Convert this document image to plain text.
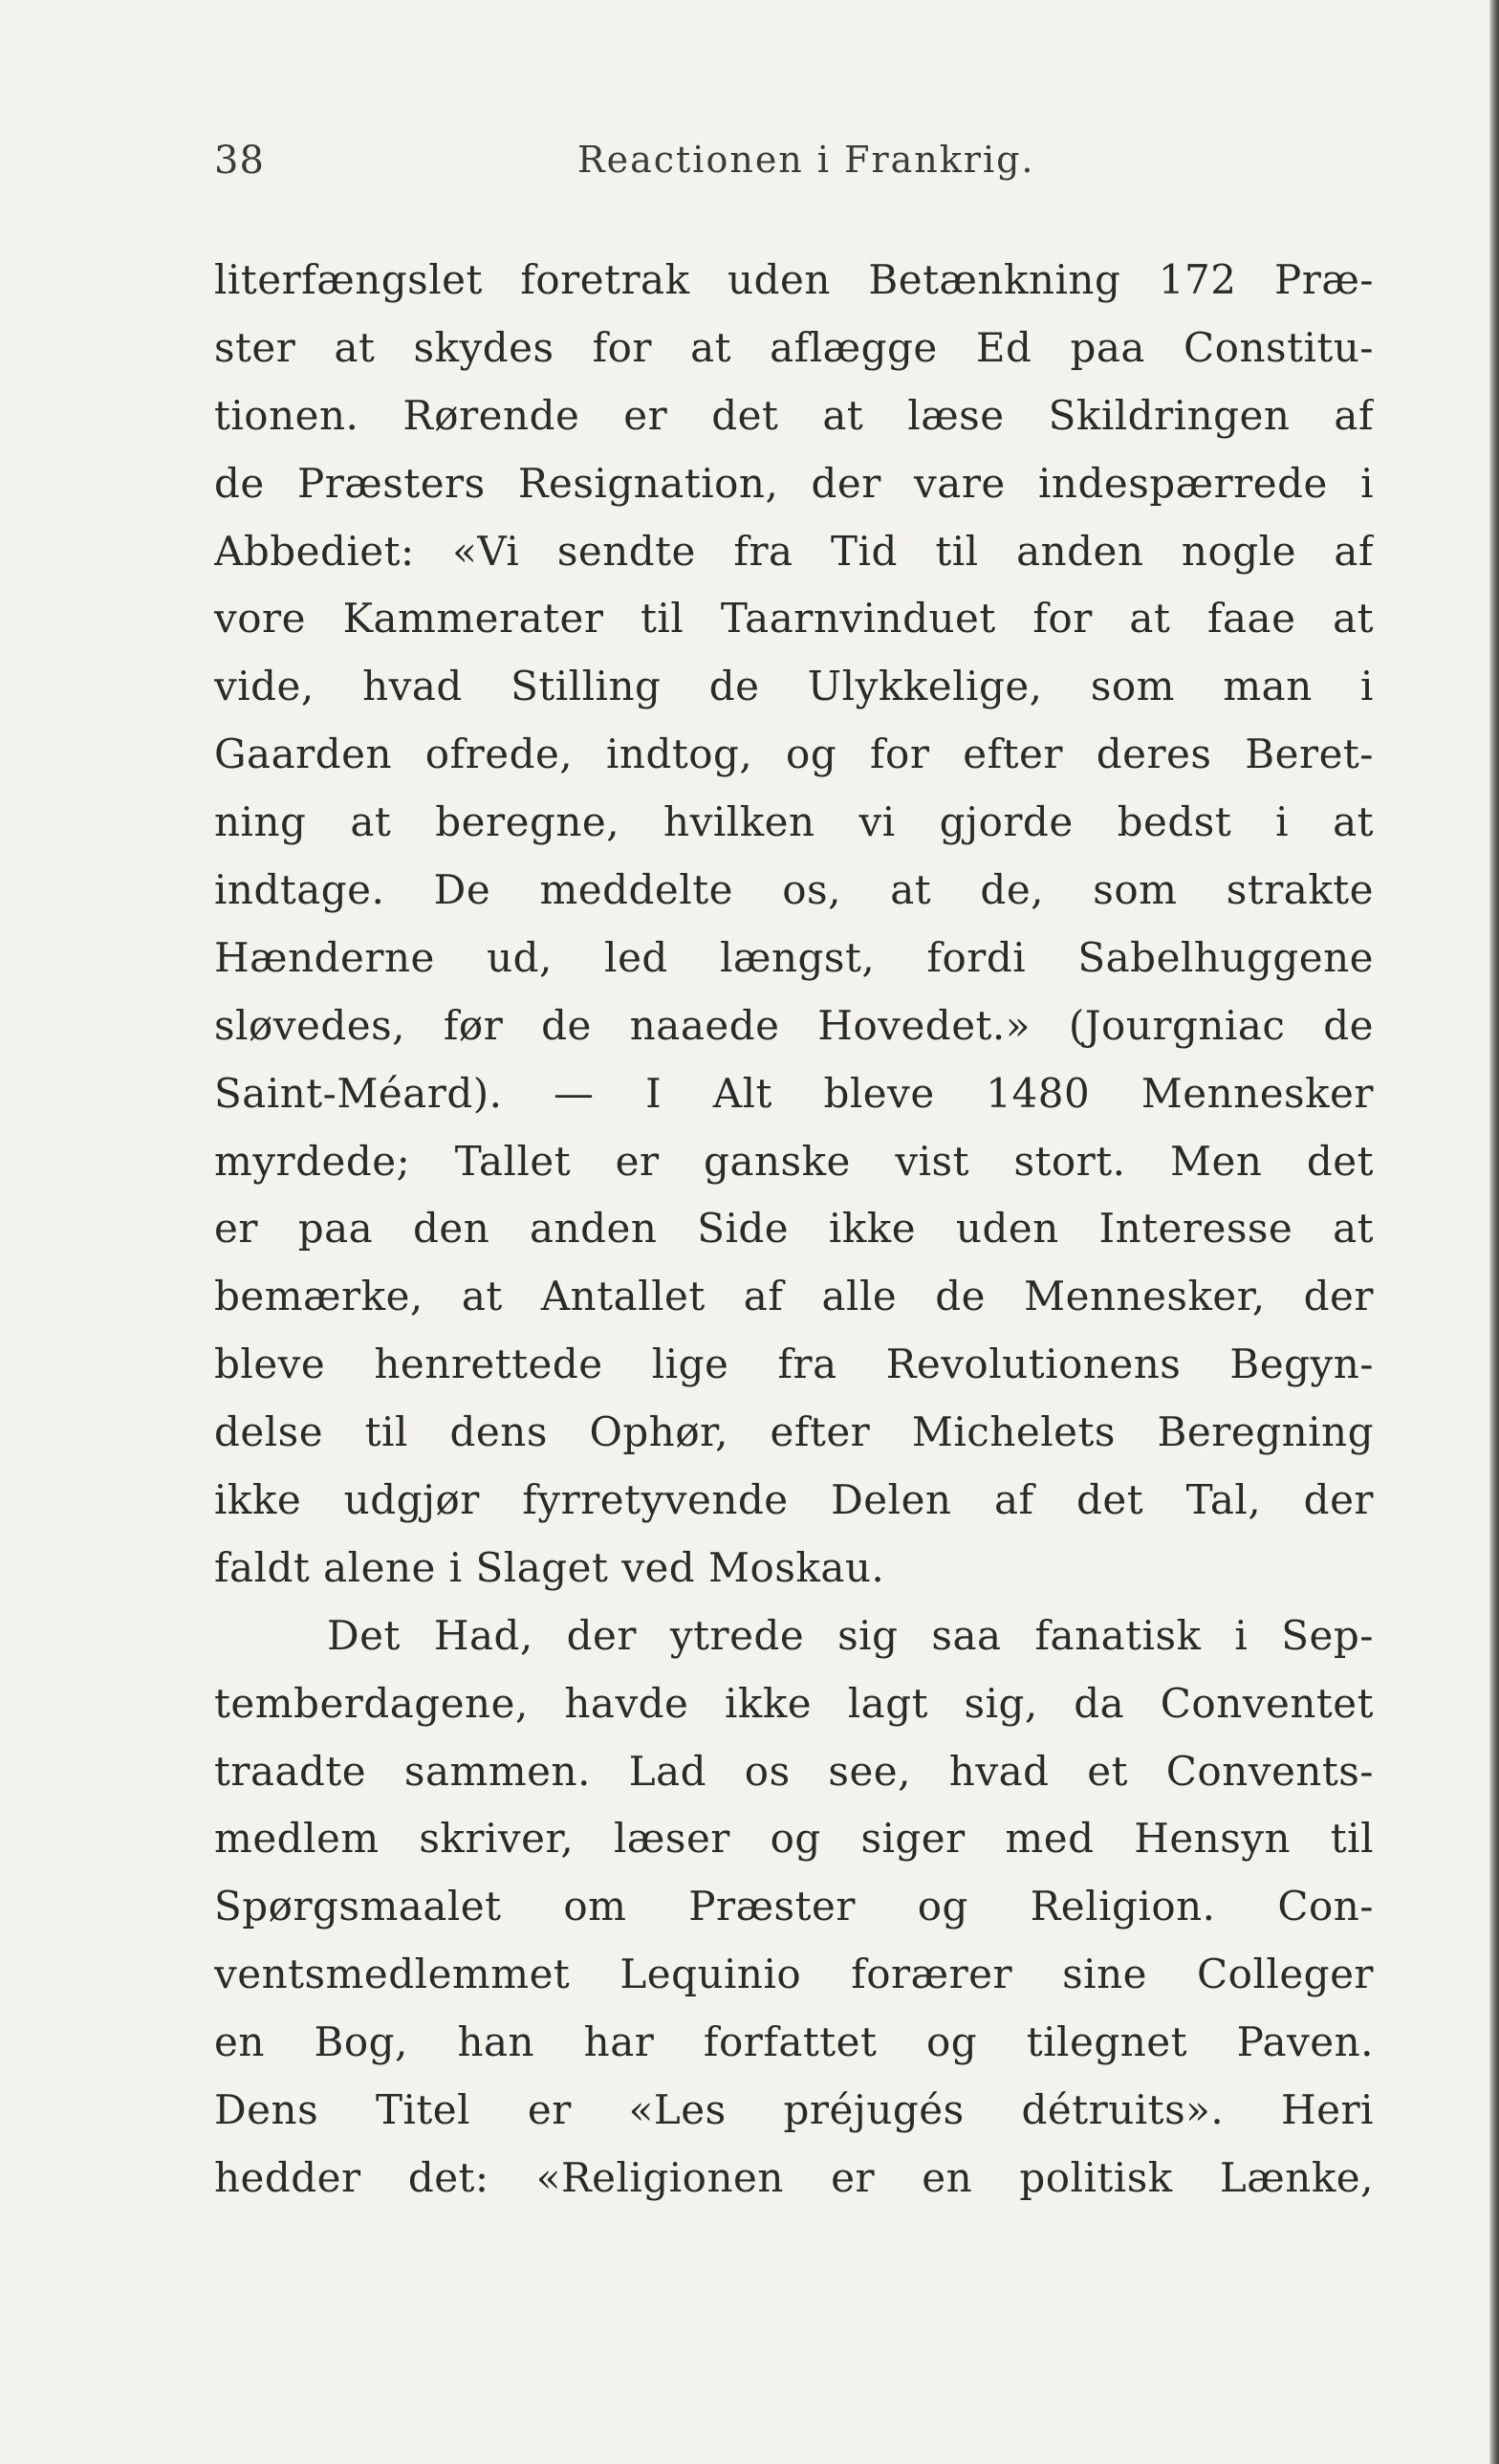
38	Reactionen i Frankrig.
literfængslet foretrak uden Betænkning 172 Præ-
ster at skydes for at aflægge Ed paa Constitu-
tionen. Rørende er det at læse Skildringen af
de Præsters Resignation, der vare indespærrede i
Abbediet: «Vi sendte fra Tid til anden nogle af
vore Kammerater til Taarnvinduet for at faae at
vide, hvad Stilling de Ulykkelige, som man i
Gaarden ofrede, indtog, og for efter deres Beret-
ning at beregne, hvilken vi gjorde bedst i at
indtage. De meddelte os, at de, som strakte
Hænderne ud, led længst, fordi Sabelhuggene
sløvedes, før de naaede Hovedet.» (Jourgniac de
Saint-Méard). — I Alt bleve 1480 Mennesker
myrdede; Tallet er ganske vist stort. Men det
er paa den anden Side ikke uden Interesse at
bemærke, at Antallet af alle de Mennesker, der
bleve henrettede lige fra Revolutionens Begyn-
delse til dens Ophør, efter Michelets Beregning
ikke udgjør fyrretyvende Delen af det Tal, der
faldt alene i Slaget ved Moskau.
Det Had, der ytrede sig saa fanatisk i Sep-
temberdagene, havde ikke lagt sig, da Conventet
traadte sammen. Lad os see, hvad et Convents-
medlem skriver, læser og siger med Hensyn til
Spørgsmaalet om Præster og Religion. Con-
ventsmedlemmet Lequinio forærer sine Colleger
en Bog, han har forfattet og tilegnet Paven.
Dens Titel er «Les préjugés détruits». Heri
hedder det: «Religionen er en politisk Lænke,
